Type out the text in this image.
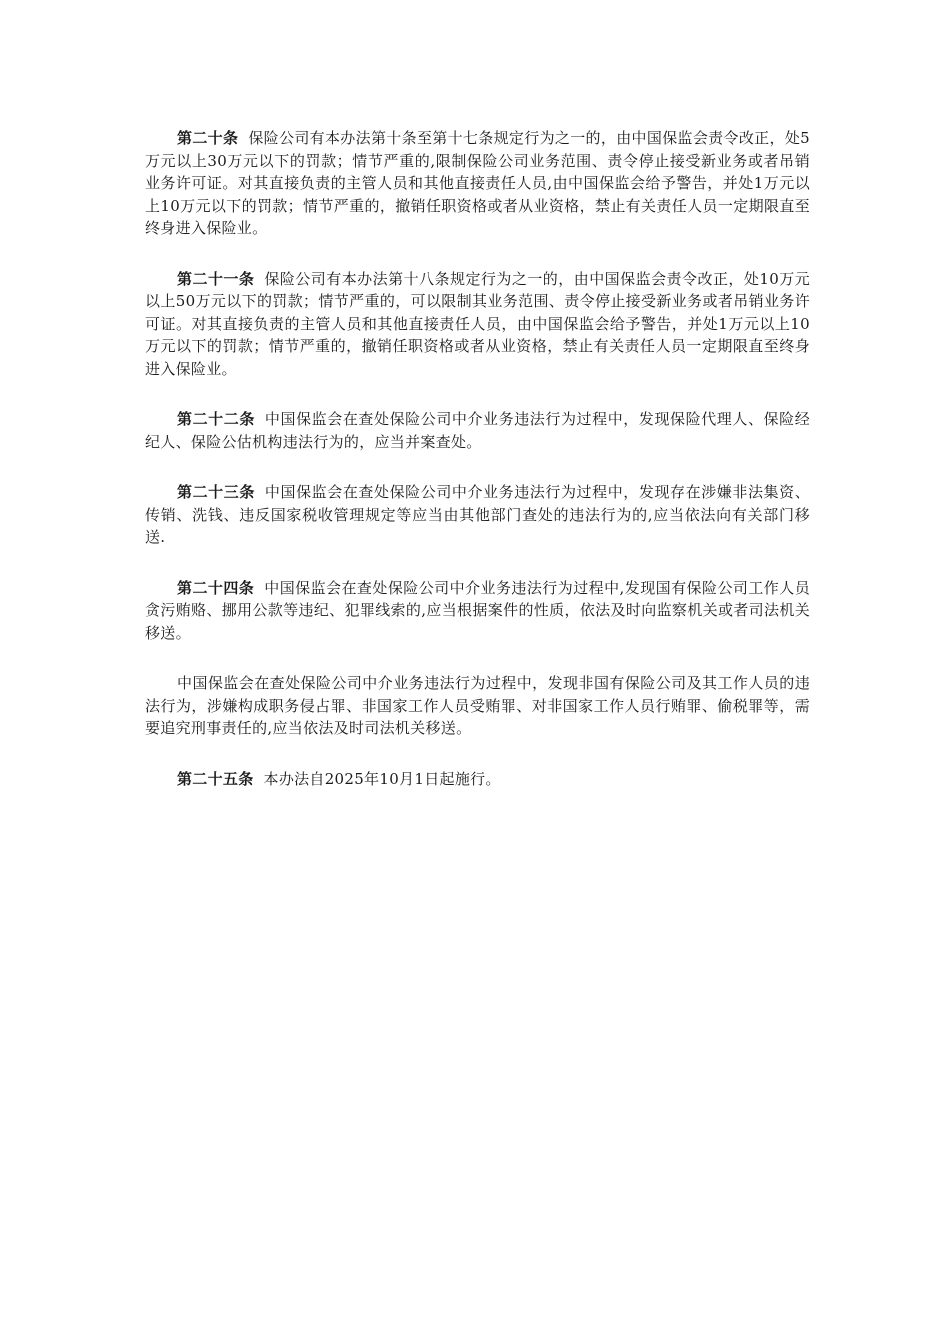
第二十条 保险公司有本办法第十条至第十七条规定行为之一的，由中国保监会责令改正，处5万元以上30万元以下的罚款；情节严重的,限制保险公司业务范围、责令停止接受新业务或者吊销业务许可证。对其直接负责的主管人员和其他直接责任人员,由中国保监会给予警告，并处1万元以上10万元以下的罚款；情节严重的，撤销任职资格或者从业资格，禁止有关责任人员一定期限直至终身进入保险业。

第二十一条 保险公司有本办法第十八条规定行为之一的，由中国保监会责令改正，处10万元以上50万元以下的罚款；情节严重的，可以限制其业务范围、责令停止接受新业务或者吊销业务许可证。对其直接负责的主管人员和其他直接责任人员，由中国保监会给予警告，并处1万元以上10万元以下的罚款；情节严重的，撤销任职资格或者从业资格，禁止有关责任人员一定期限直至终身进入保险业。

第二十二条 中国保监会在查处保险公司中介业务违法行为过程中，发现保险代理人、保险经纪人、保险公估机构违法行为的，应当并案查处。

第二十三条 中国保监会在查处保险公司中介业务违法行为过程中，发现存在涉嫌非法集资、传销、洗钱、违反国家税收管理规定等应当由其他部门查处的违法行为的,应当依法向有关部门移送.

第二十四条 中国保监会在查处保险公司中介业务违法行为过程中,发现国有保险公司工作人员贪污贿赂、挪用公款等违纪、犯罪线索的,应当根据案件的性质，依法及时向监察机关或者司法机关移送。

中国保监会在查处保险公司中介业务违法行为过程中，发现非国有保险公司及其工作人员的违法行为，涉嫌构成职务侵占罪、非国家工作人员受贿罪、对非国家工作人员行贿罪、偷税罪等，需要追究刑事责任的,应当依法及时司法机关移送。

第二十五条 本办法自2025年10月1日起施行。
